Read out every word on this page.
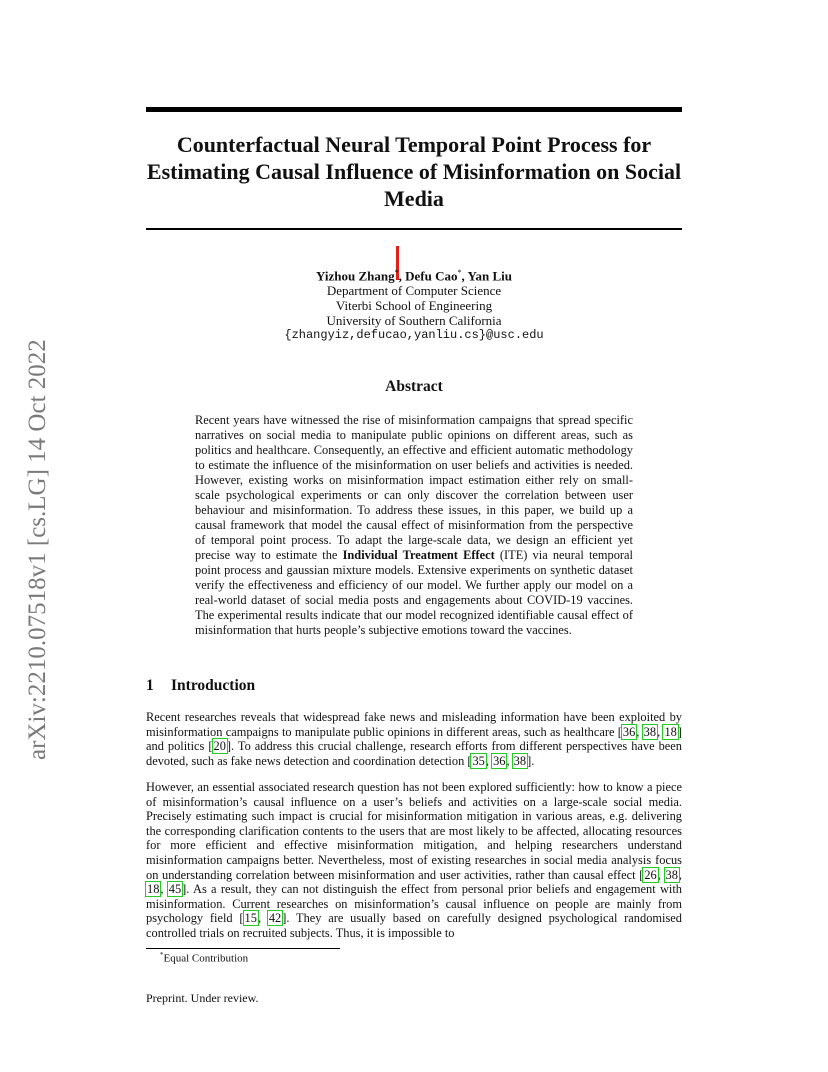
arXiv:2210.07518v1 [cs.LG] 14 Oct 2022
Counterfactual Neural Temporal Point Process for Estimating Causal Influence of Misinformation on Social Media
Yizhou Zhang*, Defu Cao*, Yan Liu
Department of Computer Science
Viterbi School of Engineering
University of Southern California
{zhangyiz,defucao,yanliu.cs}@usc.edu
Abstract

Recent years have witnessed the rise of misinformation campaigns that spread specific narratives on social media to manipulate public opinions on different areas, such as politics and healthcare. Consequently, an effective and efficient automatic methodology to estimate the influence of the misinformation on user beliefs and activities is needed. However, existing works on misinformation impact estimation either rely on small-scale psychological experiments or can only discover the correlation between user behaviour and misinformation. To address these issues, in this paper, we build up a causal framework that model the causal effect of misinformation from the perspective of temporal point process. To adapt the large-scale data, we design an efficient yet precise way to estimate the Individual Treatment Effect (ITE) via neural temporal point process and gaussian mixture models. Extensive experiments on synthetic dataset verify the effectiveness and efficiency of our model. We further apply our model on a real-world dataset of social media posts and engagements about COVID-19 vaccines. The experimental results indicate that our model recognized identifiable causal effect of misinformation that hurts people’s subjective emotions toward the vaccines.

1 Introduction

Recent researches reveals that widespread fake news and misleading information have been exploited by misinformation campaigns to manipulate public opinions in different areas, such as healthcare [36, 38, 18] and politics [20]. To address this crucial challenge, research efforts from different perspectives have been devoted, such as fake news detection and coordination detection [35, 36, 38].

However, an essential associated research question has not been explored sufficiently: how to know a piece of misinformation’s causal influence on a user’s beliefs and activities on a large-scale social media. Precisely estimating such impact is crucial for misinformation mitigation in various areas, e.g. delivering the corresponding clarification contents to the users that are most likely to be affected, allocating resources for more efficient and effective misinformation mitigation, and helping researchers understand misinformation campaigns better. Nevertheless, most of existing researches in social media analysis focus on understanding correlation between misinformation and user activities, rather than causal effect [26, 38, 18, 45]. As a result, they can not distinguish the effect from personal prior beliefs and engagement with misinformation. Current researches on misinformation’s causal influence on people are mainly from psychology field [15, 42]. They are usually based on carefully designed psychological randomised controlled trials on recruited subjects. Thus, it is impossible to

*Equal Contribution

Preprint. Under review.
